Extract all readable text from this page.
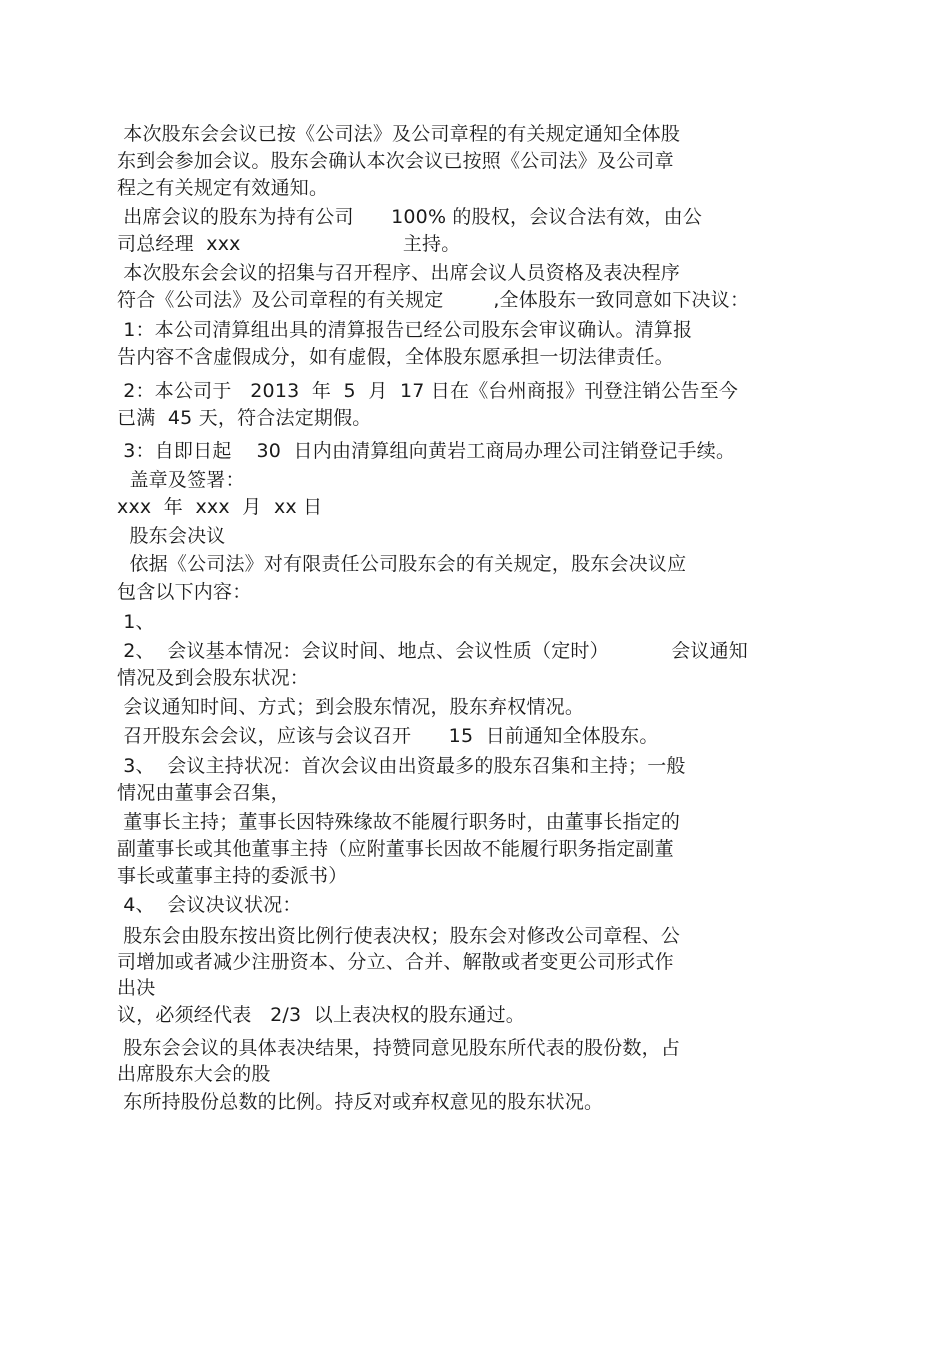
本次股东会会议已按《公司法》及公司章程的有关规定通知全体股
东到会参加会议。股东会确认本次会议已按照《公司法》及公司章
程之有关规定有效通知。
出席会议的股东为持有公司      100% 的股权，会议合法有效，由公
司总经理  xxx                          主持。
本次股东会会议的招集与召开程序、出席会议人员资格及表决程序
符合《公司法》及公司章程的有关规定        ,全体股东一致同意如下决议：
1：本公司清算组出具的清算报告已经公司股东会审议确认。清算报
告内容不含虚假成分，如有虚假，全体股东愿承担一切法律责任。
2：本公司于   2013  年  5  月  17 日在《台州商报》刊登注销公告至今
已满  45 天，符合法定期假。
3：自即日起    30  日内由清算组向黄岩工商局办理公司注销登记手续。
盖章及签署：
xxx  年  xxx  月  xx 日
股东会决议
依据《公司法》对有限责任公司股东会的有关规定，股东会决议应
包含以下内容：
1、
2、  会议基本情况：会议时间、地点、会议性质（定时）          会议通知
情况及到会股东状况：
会议通知时间、方式；到会股东情况，股东弃权情况。
召开股东会会议，应该与会议召开      15  日前通知全体股东。
3、  会议主持状况：首次会议由出资最多的股东召集和主持；一般
情况由董事会召集，
董事长主持；董事长因特殊缘故不能履行职务时，由董事长指定的
副董事长或其他董事主持（应附董事长因故不能履行职务指定副董
事长或董事主持的委派书）
4、  会议决议状况：
股东会由股东按出资比例行使表决权；股东会对修改公司章程、公
司增加或者减少注册资本、分立、合并、解散或者变更公司形式作
出决
议，必须经代表   2/3  以上表决权的股东通过。
股东会会议的具体表决结果，持赞同意见股东所代表的股份数，占
出席股东大会的股
东所持股份总数的比例。持反对或弃权意见的股东状况。
